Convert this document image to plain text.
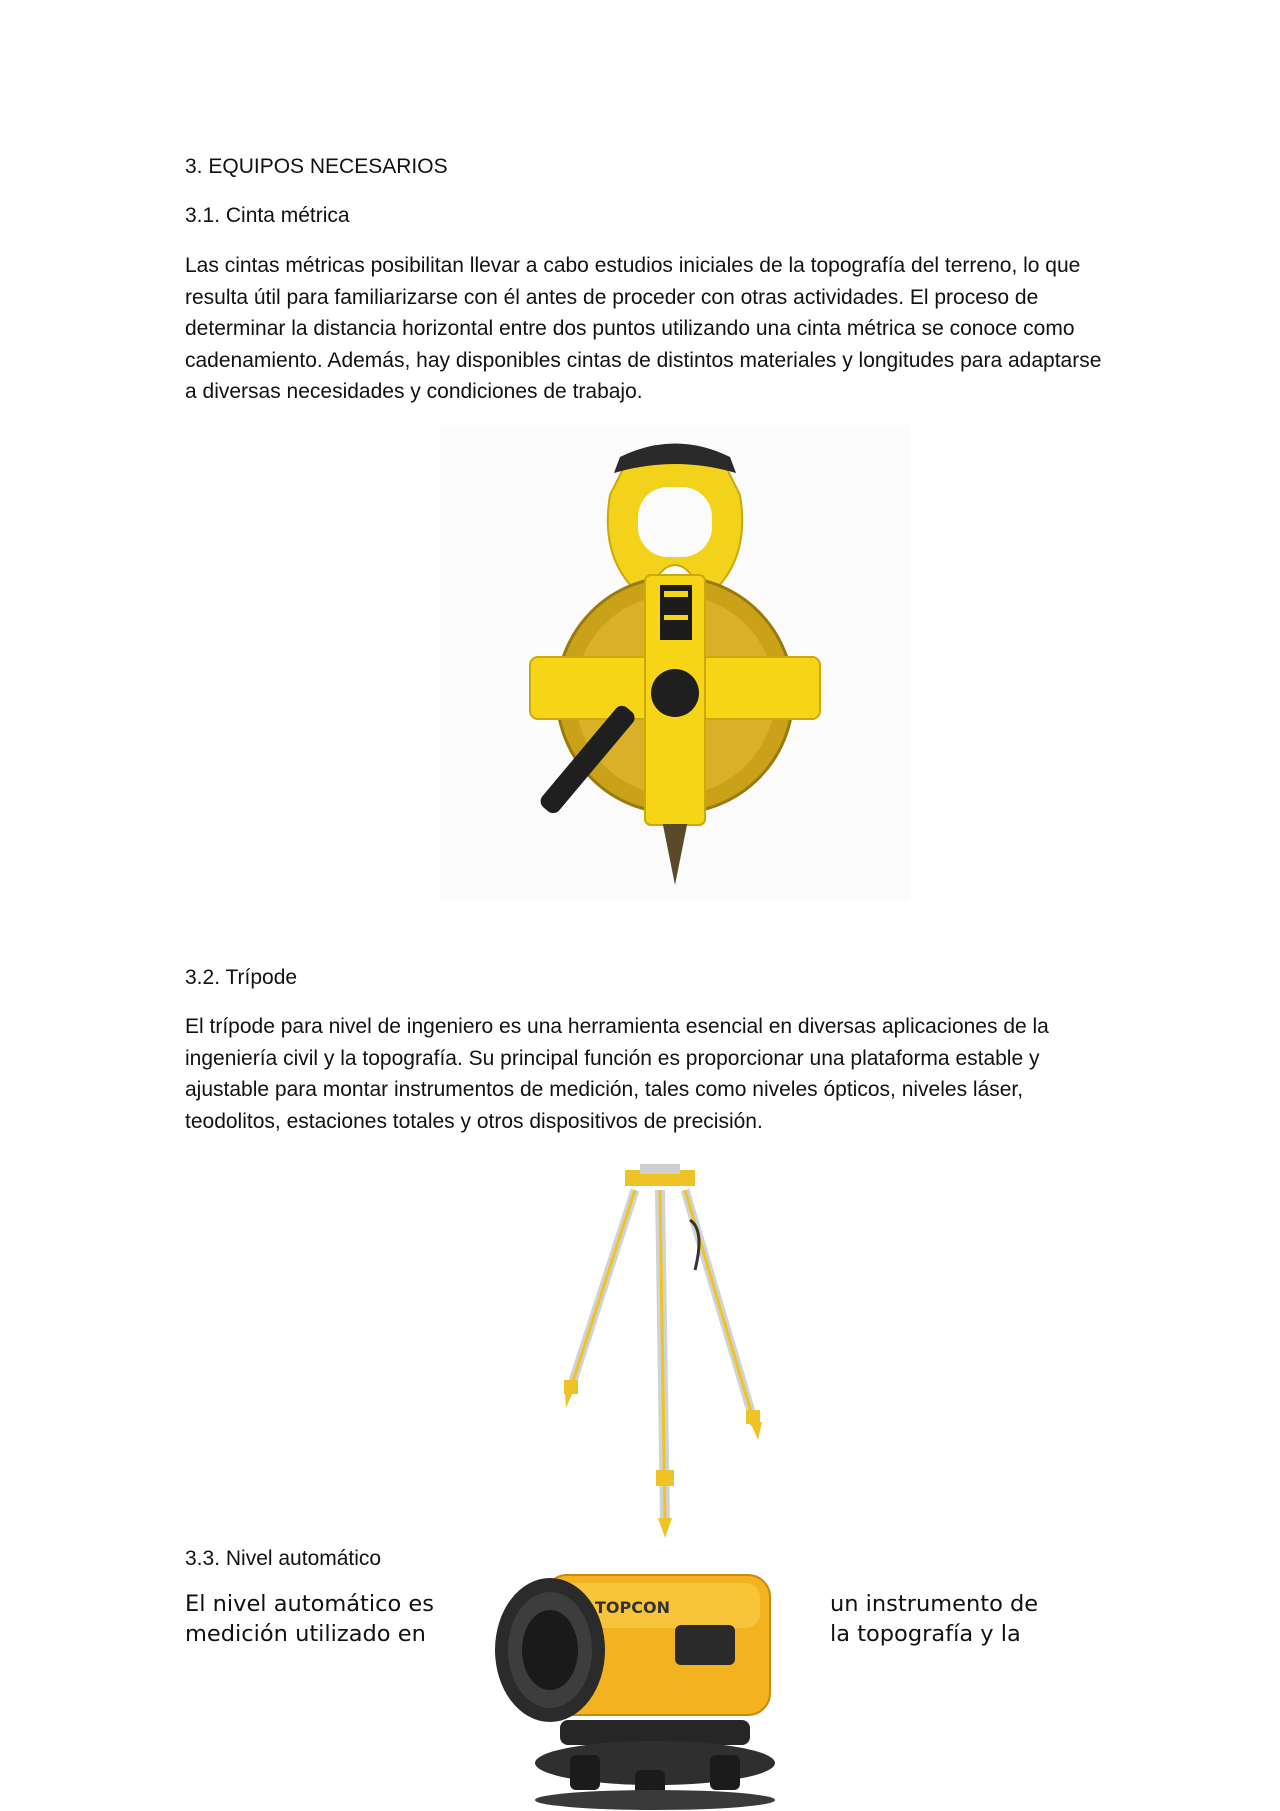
3. EQUIPOS NECESARIOS

3.1. Cinta métrica

Las cintas métricas posibilitan llevar a cabo estudios iniciales de la topografía del terreno, lo que resulta útil para familiarizarse con él antes de proceder con otras actividades. El proceso de determinar la distancia horizontal entre dos puntos utilizando una cinta métrica se conoce como cadenamiento. Además, hay disponibles cintas de distintos materiales y longitudes para adaptarse a diversas necesidades y condiciones de trabajo.

3.2. Trípode

El trípode para nivel de ingeniero es una herramienta esencial en diversas aplicaciones de la ingeniería civil y la topografía. Su principal función es proporcionar una plataforma estable y ajustable para montar instrumentos de medición, tales como niveles ópticos, niveles láser, teodolitos, estaciones totales y otros dispositivos de precisión.

3.3. Nivel automático

El nivel automático es

medición utilizado en

un instrumento de

la topografía y la

TOPCON
